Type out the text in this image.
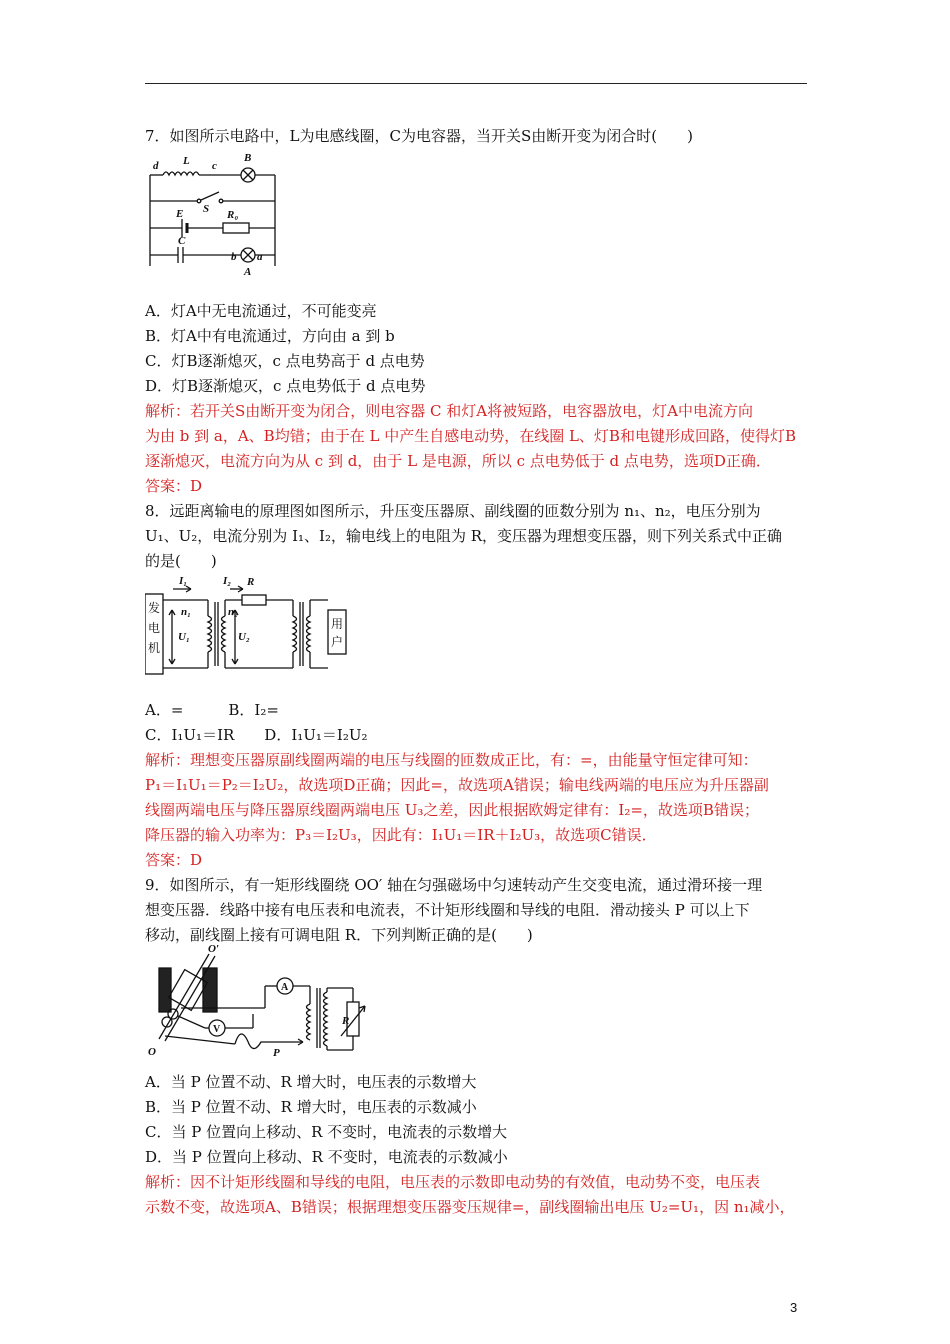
7．如图所示电路中，L为电感线圈，C为电容器，当开关S由断开变为闭合时(　　)
L
d	c
B
S
E	R₀
C
b a
A
A．灯A中无电流通过，不可能变亮
B．灯A中有电流通过，方向由 a 到 b
C．灯B逐渐熄灭，c 点电势高于 d 点电势
D．灯B逐渐熄灭，c 点电势低于 d 点电势
解析：若开关S由断开变为闭合，则电容器 C 和灯A将被短路，电容器放电，灯A中电流方向
为由 b 到 a，A、B均错；由于在 L 中产生自感电动势，在线圈 L、灯B和电键形成回路，使得灯B
逐渐熄灭，电流方向为从 c 到 d，由于 L 是电源，所以 c 点电势低于 d 点电势，选项D正确．
答案：D
8．远距离输电的原理图如图所示，升压变压器原、副线圈的匝数分别为 n₁、n₂，电压分别为
U₁、U₂，电流分别为 I₁、I₂，输电线上的电阻为 R，变压器为理想变压器，则下列关系式中正确
的是(　　)
I₁	I₂ R
n₁	n₂
U₁	U₂
发
电
机
用
户
A．=　　　B．I₂=
C．I₁U₁＝IR　　D．I₁U₁＝I₂U₂
解析：理想变压器原副线圈两端的电压与线圈的匝数成正比，有：=，由能量守恒定律可知：
P₁＝I₁U₁＝P₂＝I₂U₂，故选项D正确；因此=，故选项A错误；输电线两端的电压应为升压器副
线圈两端电压与降压器原线圈两端电压 U₃之差，因此根据欧姆定律有：I₂=，故选项B错误；
降压器的输入功率为：P₃＝I₂U₃，因此有：I₁U₁＝IR＋I₂U₃，故选项C错误．
答案：D
9．如图所示，有一矩形线圈绕 OO′ 轴在匀强磁场中匀速转动产生交变电流，通过滑环接一理
想变压器．线路中接有电压表和电流表，不计矩形线圈和导线的电阻．滑动接头 P 可以上下
移动，副线圈上接有可调电阻 R．下列判断正确的是(　　)
O′
O
A
V
R
P
A．当 P 位置不动、R 增大时，电压表的示数增大
B．当 P 位置不动、R 增大时，电压表的示数减小
C．当 P 位置向上移动、R 不变时，电流表的示数增大
D．当 P 位置向上移动、R 不变时，电流表的示数减小
解析：因不计矩形线圈和导线的电阻，电压表的示数即电动势的有效值，电动势不变，电压表
示数不变，故选项A、B错误；根据理想变压器变压规律=，副线圈输出电压 U₂=U₁，因 n₁减小，
3
